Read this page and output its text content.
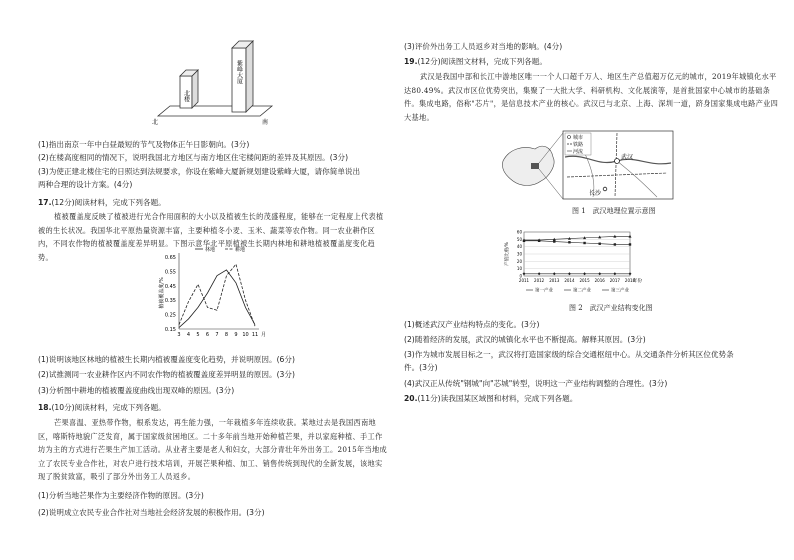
北楼
紫峰大厦
北	南
(1)指出南京一年中白昼最短的节气及物体正午日影朝向。(3分)
(2)在楼高度相同的情况下，说明我国北方地区与南方地区住宅楼间距的差异及其原因。(3分)
(3)为使正建北楼住宅的日照达到法规要求，你设在紫峰大厦新规划建设紫峰大厦，请你简单说出
两种合理的设计方案。(4分)
17.(12分)阅读材料，完成下列各题。
植被覆盖度反映了植被进行光合作用面积的大小以及植被生长的茂盛程度，能够在一定程度上代表植被的生长状况。我国华北平原热量资源丰富，主要种植冬小麦、玉米、蔬菜等农作物。同一农业耕作区内，不同农作物的植被覆盖度差异明显。下图示意华北平原植被生长期内林地和耕地植被覆盖度变化趋势。
0.15
0.25
0.35
0.45
0.55
0.65
3 4 5 6 7 8 9 10 11 月
植被覆盖度/%
林地	耕地
(1)说明该地区林地的植被生长期内植被覆盖度变化趋势，并说明原因。(6分)
(2)试推测同一农业耕作区内不同农作物的植被覆盖度差异明显的原因。(3分)
(3)分析图中耕地的植被覆盖度曲线出现双峰的原因。(3分)
18.(10分)阅读材料，完成下列各题。
芒果喜温、亚热带作物，根系发达，再生能力强，一年栽植多年连续收获。某地过去是我国西南地区，喀斯特地貌广泛发育，属于国家级贫困地区。二十多年前当地开始种植芒果，并以家庭种植、手工作坊为主的方式进行芒果生产加工活动。从业者主要是老人和妇女，大部分青壮年外出务工。2015年当地成立了农民专业合作社，对农户进行技术培训，开展芒果种植、加工、销售传统到现代的全新发展，该地实现了脱贫致富，吸引了部分外出务工人员返乡。
(1)分析当地芒果作为主要经济作物的原因。(3分)
(2)说明成立农民专业合作社对当地社会经济发展的积极作用。(3分)
(3)评价外出务工人员返乡对当地的影响。(4分)
19.(12分)阅读图文材料，完成下列各题。
武汉是我国中部和长江中游地区唯一一个人口超千万人、地区生产总值超万亿元的城市，2019年城镇化水平达80.49%。武汉市区位优势突出，集聚了一大批大学、科研机构、文化展演等，是首批国家中心城市的基础条件。集成电路，俗称"芯片"，是信息技术产业的核心。武汉已与北京、上海、深圳一道，跻身国家集成电路产业四大基地。
武汉
长沙
城市
铁路
河流
图 1　武汉地理位置示意图
0
10
20
30
40
50
60
2011 2012 2013 2014 2015 2016 2017 2018
年份
产值比重/%
第一产业	第二产业	第三产业
图 2　武汉产业结构变化图
(1)概述武汉产业结构特点的变化。(3分)
(2)随着经济的发展，武汉的城镇化水平也不断提高。解释其原因。(3分)
(3)作为城市发展目标之一，武汉将打造国家级的综合交通枢纽中心。从交通条件分析其区位优势条
件。(3分)
(4)武汉正从传统"钢城"向"芯城"转型，说明这一产业结构调整的合理性。(3分)
20.(11分)读我国某区域图和材料，完成下列各题。
